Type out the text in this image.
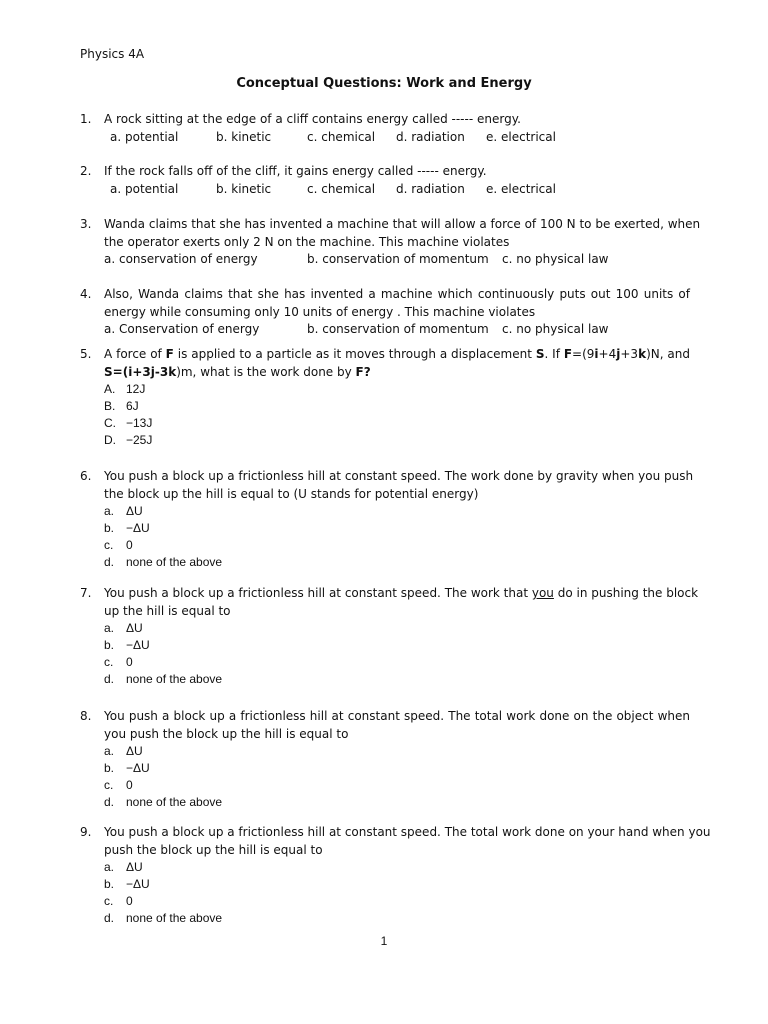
Physics 4A
Conceptual Questions: Work and Energy
1. A rock sitting at the edge of a cliff contains energy called ----- energy.
a. potential	b. kinetic	c. chemical d. radiation e. electrical
2. If the rock falls off of the cliff, it gains energy called ----- energy.
a. potential	b. kinetic	c. chemical d. radiation e. electrical
3. Wanda claims that she has invented a machine that will allow a force of 100 N to be exerted, when
the operator exerts only 2 N on the machine. This machine violates
a. conservation of energy	b. conservation of momentum c. no physical law
4. Also, Wanda claims that she has invented a machine which continuously puts out 100 units of
energy while consuming only 10 units of energy . This machine violates
a. Conservation of energy	b. conservation of momentum c. no physical law
5. A force of F is applied to a particle as it moves through a displacement S. If F=(9i+4j+3k)N, and
S=(i+3j-3k)m, what is the work done by F?
A. 12J
B. 6J
C. −13J
D. −25J
6. You push a block up a frictionless hill at constant speed. The work done by gravity when you push
the block up the hill is equal to (U stands for potential energy)
a. ΔU
b. −ΔU
c. 0
d. none of the above
7. You push a block up a frictionless hill at constant speed. The work that you do in pushing the block
up the hill is equal to
a. ΔU
b. −ΔU
c. 0
d. none of the above
8. You push a block up a frictionless hill at constant speed. The total work done on the object when
you push the block up the hill is equal to
a. ΔU
b. −ΔU
c. 0
d. none of the above
9. You push a block up a frictionless hill at constant speed. The total work done on your hand when you
push the block up the hill is equal to
a. ΔU
b. −ΔU
c. 0
d. none of the above
1
